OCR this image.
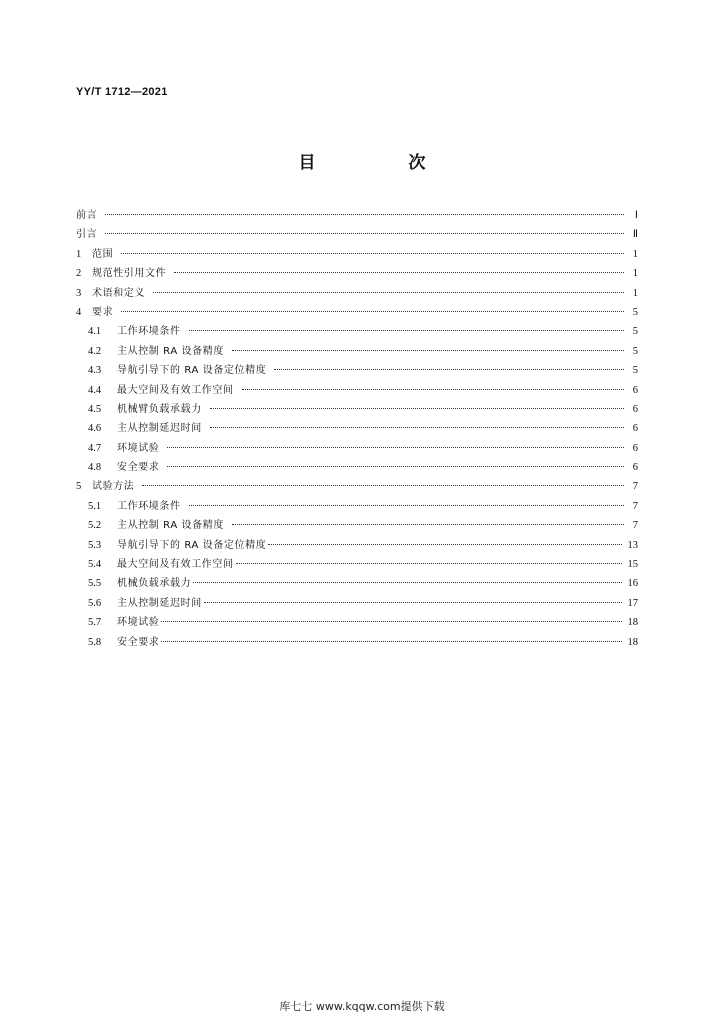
YY/T 1712—2021
目　次
前言	Ⅰ
引言	Ⅱ
1	范围	1
2	规范性引用文件	1
3	术语和定义	1
4	要求	5
4.1	工作环境条件	5
4.2	主从控制 RA 设备精度	5
4.3	导航引导下的 RA 设备定位精度	5
4.4	最大空间及有效工作空间	6
4.5	机械臂负载承载力	6
4.6	主从控制延迟时间	6
4.7	环境试验	6
4.8	安全要求	6
5	试验方法	7
5.1	工作环境条件	7
5.2	主从控制 RA 设备精度	7
5.3	导航引导下的 RA 设备定位精度	13
5.4	最大空间及有效工作空间	15
5.5	机械负载承载力	16
5.6	主从控制延迟时间	17
5.7	环境试验	18
5.8	安全要求	18
库七七 www.kqqw.com提供下载
